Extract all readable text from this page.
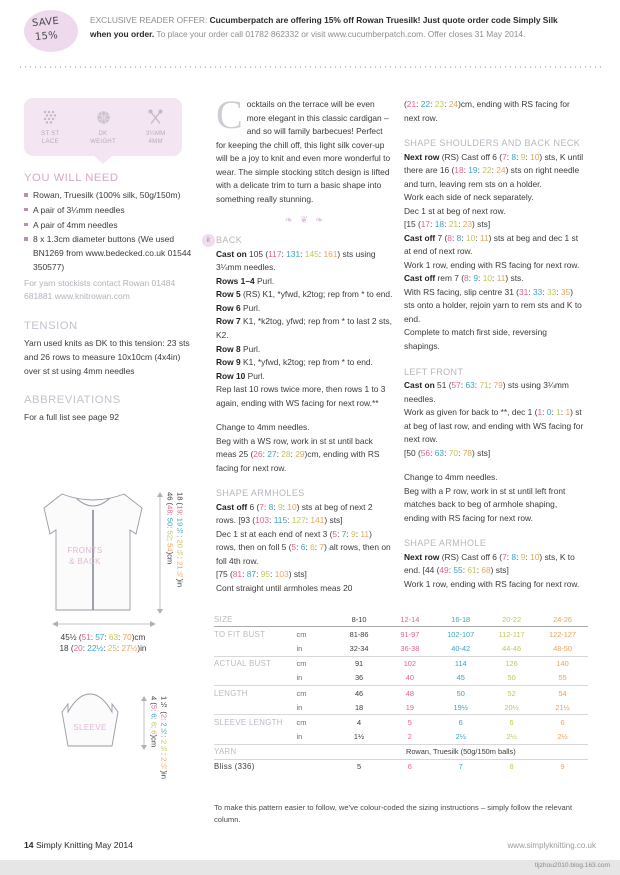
SAVE
15%
EXCLUSIVE READER OFFER: Cucumberpatch are offering 15% off Rowan Truesilk! Just quote order code Simply Silk when you order. To place your order call 01782 862332 or visit www.cucumberpatch.com. Offer closes 31 May 2014.
ST ST
LACE
DK
WEIGHT
3¼MM
4MM
YOU WILL NEED
Rowan, Truesilk (100% silk, 50g/150m)
A pair of 3¼mm needles
A pair of 4mm needles
8 x 1.3cm diameter buttons (We used BN1269 from www.bedecked.co.uk 01544 350577)
For yarn stockists contact Rowan 01484 681881 www.knitrowan.com
TENSION

Yarn used knits as DK to this tension: 23 sts and 26 rows to measure 10x10cm (4x4in) over st st using 4mm needles

ABBREVIATIONS

For a full list see page 92

FRONTS
& BACK
46 (48: 50: 52: 54)cm
18 (19: 19½: 20½: 21½)in
45½ (51: 57: 63: 70)cm
18 (20: 22½: 25: 27½)in
SLEEVE
4 (5: 6: 6: 6)cm
1½ (2: 2½: 2½: 2½)in
C ocktails on the terrace will be even more elegant in this classic cardigan – and so will family barbecues! Perfect for keeping the chill off, this light silk cover-up will be a joy to knit and even more wonderful to wear. The simple stocking stitch design is lifted with a delicate trim to turn a basic shape into something really stunning.
❧ ❦ ❧
k BACK

Cast on 105 (117: 131: 145: 161) sts using 3¼mm needles.

Rows 1–4 Purl.

Row 5 (RS) K1, *yfwd, k2tog; rep from * to end.

Row 6 Purl.

Row 7 K1, *k2tog, yfwd; rep from * to last 2 sts, K2.

Row 8 Purl.

Row 9 K1, *yfwd, k2tog; rep from * to end.

Row 10 Purl.

Rep last 10 rows twice more, then rows 1 to 3 again, ending with WS facing for next row.**

Change to 4mm needles.
Beg with a WS row, work in st st until back meas 25 (26: 27: 28: 29)cm, ending with RS facing for next row.

SHAPE ARMHOLES

Cast off 6 (7: 8: 9: 10) sts at beg of next 2 rows. [93 (103: 115: 127: 141) sts]
Dec 1 st at each end of next 3 (5: 7: 9: 11) rows, then on foll 5 (5: 6: 6: 7) alt rows, then on foll 4th row.
[75 (81: 87: 95: 103) sts]
Cont straight until armholes meas 20

(21: 22: 23: 24)cm, ending with RS facing for next row.

SHAPE SHOULDERS AND BACK NECK

Next row (RS) Cast off 6 (7: 8: 9: 10) sts, K until there are 16 (18: 19: 22: 24) sts on right needle and turn, leaving rem sts on a holder.
Work each side of neck separately.
Dec 1 st at beg of next row.
[15 (17: 18: 21: 23) sts]
Cast off 7 (8: 8: 10: 11) sts at beg and dec 1 st at end of next row.
Work 1 row, ending with RS facing for next row.
Cast off rem 7 (8: 9: 10: 11) sts.
With RS facing, slip centre 31 (31: 33: 33: 35) sts onto a holder, rejoin yarn to rem sts and K to end.
Complete to match first side, reversing shapings.

LEFT FRONT

Cast on 51 (57: 63: 71: 79) sts using 3¼mm needles.
Work as given for back to **, dec 1 (1: 0: 1: 1) st at beg of last row, and ending with WS facing for next row.
[50 (56: 63: 70: 78) sts]

Change to 4mm needles.
Beg with a P row, work in st st until left front matches back to beg of armhole shaping, ending with RS facing for next row.

SHAPE ARMHOLE

Next row (RS) Cast off 6 (7: 8: 9: 10) sts, K to end. [44 (49: 55: 61: 68) sts]
Work 1 row, ending with RS facing for next row.

SIZE		8-10	12-14	16-18	20-22	24-26
TO FIT BUST	cm	81-86	91-97	102-107	112-117	122-127
	in	32-34	36-38	40-42	44-46	48-50
ACTUAL BUST	cm	91	102	114	126	140
	in	36	40	45	50	55
LENGTH	cm	46	48	50	52	54
	in	18	19	19½	20½	21½
SLEEVE LENGTH	cm	4	5	6	6	6
	in	1½	2	2½	2½	2½
YARN		Rowan, Truesilk (50g/150m balls)				
Bliss (336)		5	6	7	8	9
To make this pattern easier to follow, we've colour-coded the sizing instructions – simply follow the relevant column.
14 Simply Knitting May 2014	www.simplyknitting.co.uk
tljzhou2010.blog.163.com
